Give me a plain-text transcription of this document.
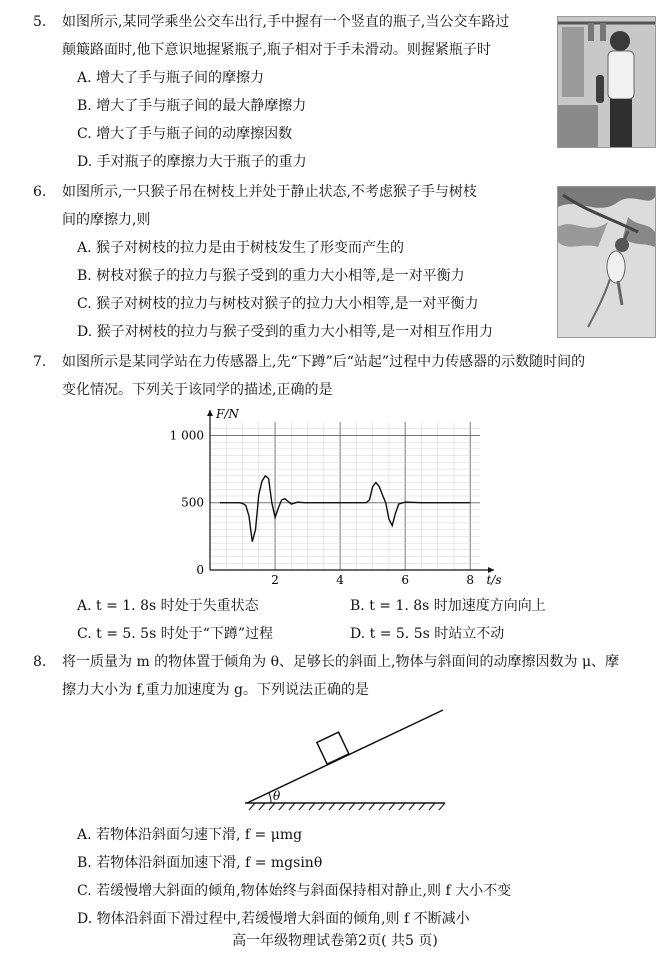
5. 如图所示,某同学乘坐公交车出行,手中握有一个竖直的瓶子,当公交车路过
颠簸路面时,他下意识地握紧瓶子,瓶子相对于手未滑动。则握紧瓶子时
A. 增大了手与瓶子间的摩擦力
B. 增大了手与瓶子间的最大静摩擦力
C. 增大了手与瓶子间的动摩擦因数
D. 手对瓶子的摩擦力大于瓶子的重力
6. 如图所示,一只猴子吊在树枝上并处于静止状态,不考虑猴子手与树枝
间的摩擦力,则
A. 猴子对树枝的拉力是由于树枝发生了形变而产生的
B. 树枝对猴子的拉力与猴子受到的重力大小相等,是一对平衡力
C. 猴子对树枝的拉力与树枝对猴子的拉力大小相等,是一对平衡力
D. 猴子对树枝的拉力与猴子受到的重力大小相等,是一对相互作用力
7. 如图所示是某同学站在力传感器上,先“下蹲”后“站起”过程中力传感器的示数随时间的
变化情况。下列关于该同学的描述,正确的是
2	4	6	8
500
1 000
0
t/s
F/N
A. t = 1. 8s 时处于失重状态	B. t = 1. 8s 时加速度方向向上
C. t = 5. 5s 时处于“下蹲”过程	D. t = 5. 5s 时站立不动
8. 将一质量为 m 的物体置于倾角为 θ、足够长的斜面上,物体与斜面间的动摩擦因数为 μ、摩
擦力大小为 f,重力加速度为 g。下列说法正确的是
θ
A. 若物体沿斜面匀速下滑, f = μmg
B. 若物体沿斜面加速下滑, f = mgsinθ
C. 若缓慢增大斜面的倾角,物体始终与斜面保持相对静止,则 f 大小不变
D. 物体沿斜面下滑过程中,若缓慢增大斜面的倾角,则 f 不断减小
高一年级物理试卷第2页( 共5 页)
